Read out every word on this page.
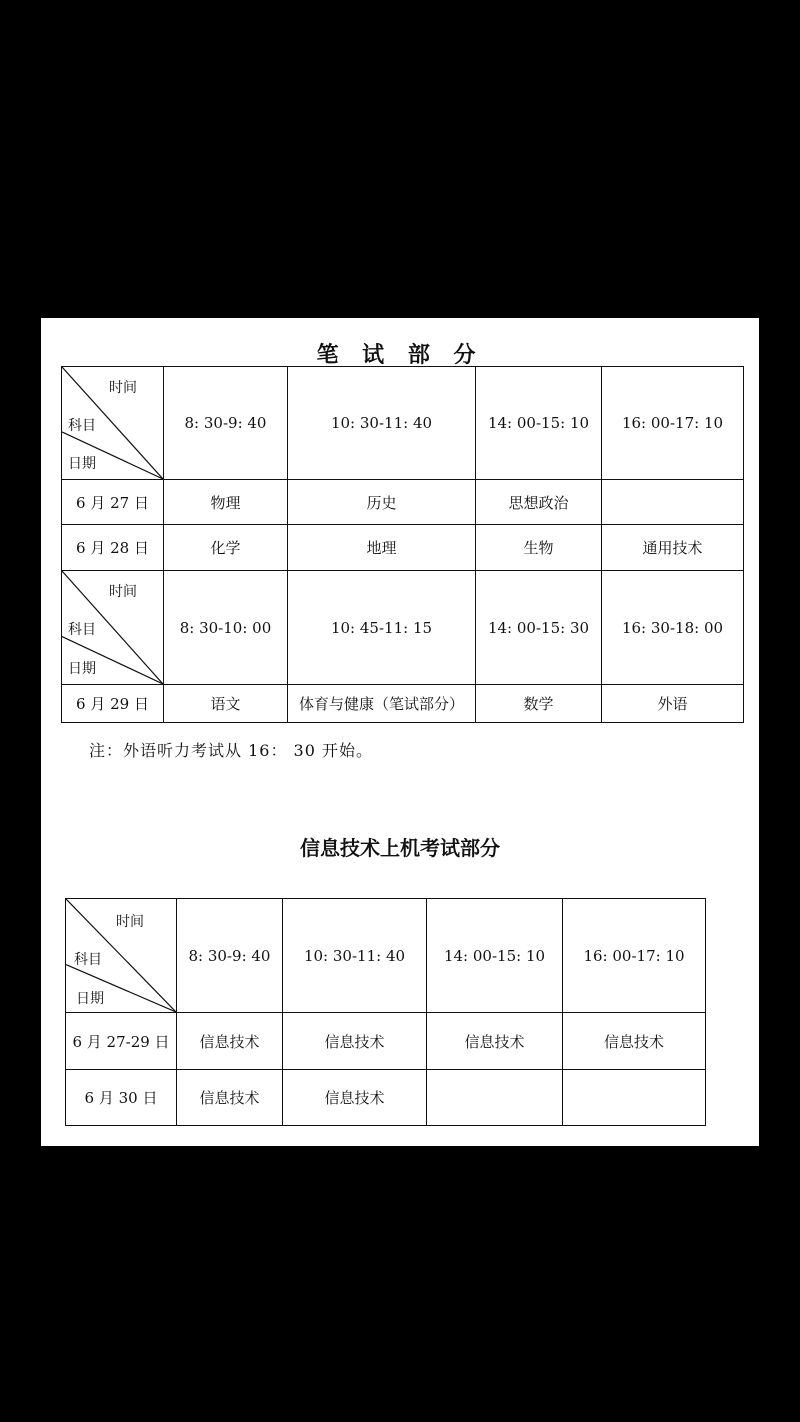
笔 试 部 分
时间
科目
日期	8: 30-9: 40	10: 30-11: 40	14: 00-15: 10	16: 00-17: 10
6 月 27 日	物理	历史	思想政治	
6 月 28 日	化学	地理	生物	通用技术

时间
科目
日期	8: 30-10: 00	10: 45-11: 15	14: 00-15: 30	16: 30-18: 00
6 月 29 日	语文	体育与健康（笔试部分）	数学	外语
注：外语听力考试从 16： 30 开始。
信息技术上机考试部分
时间
科目
日期	8: 30-9: 40	10: 30-11: 40	14: 00-15: 10	16: 00-17: 10
6 月 27-29 日	信息技术	信息技术	信息技术	信息技术
6 月 30 日	信息技术	信息技术		
